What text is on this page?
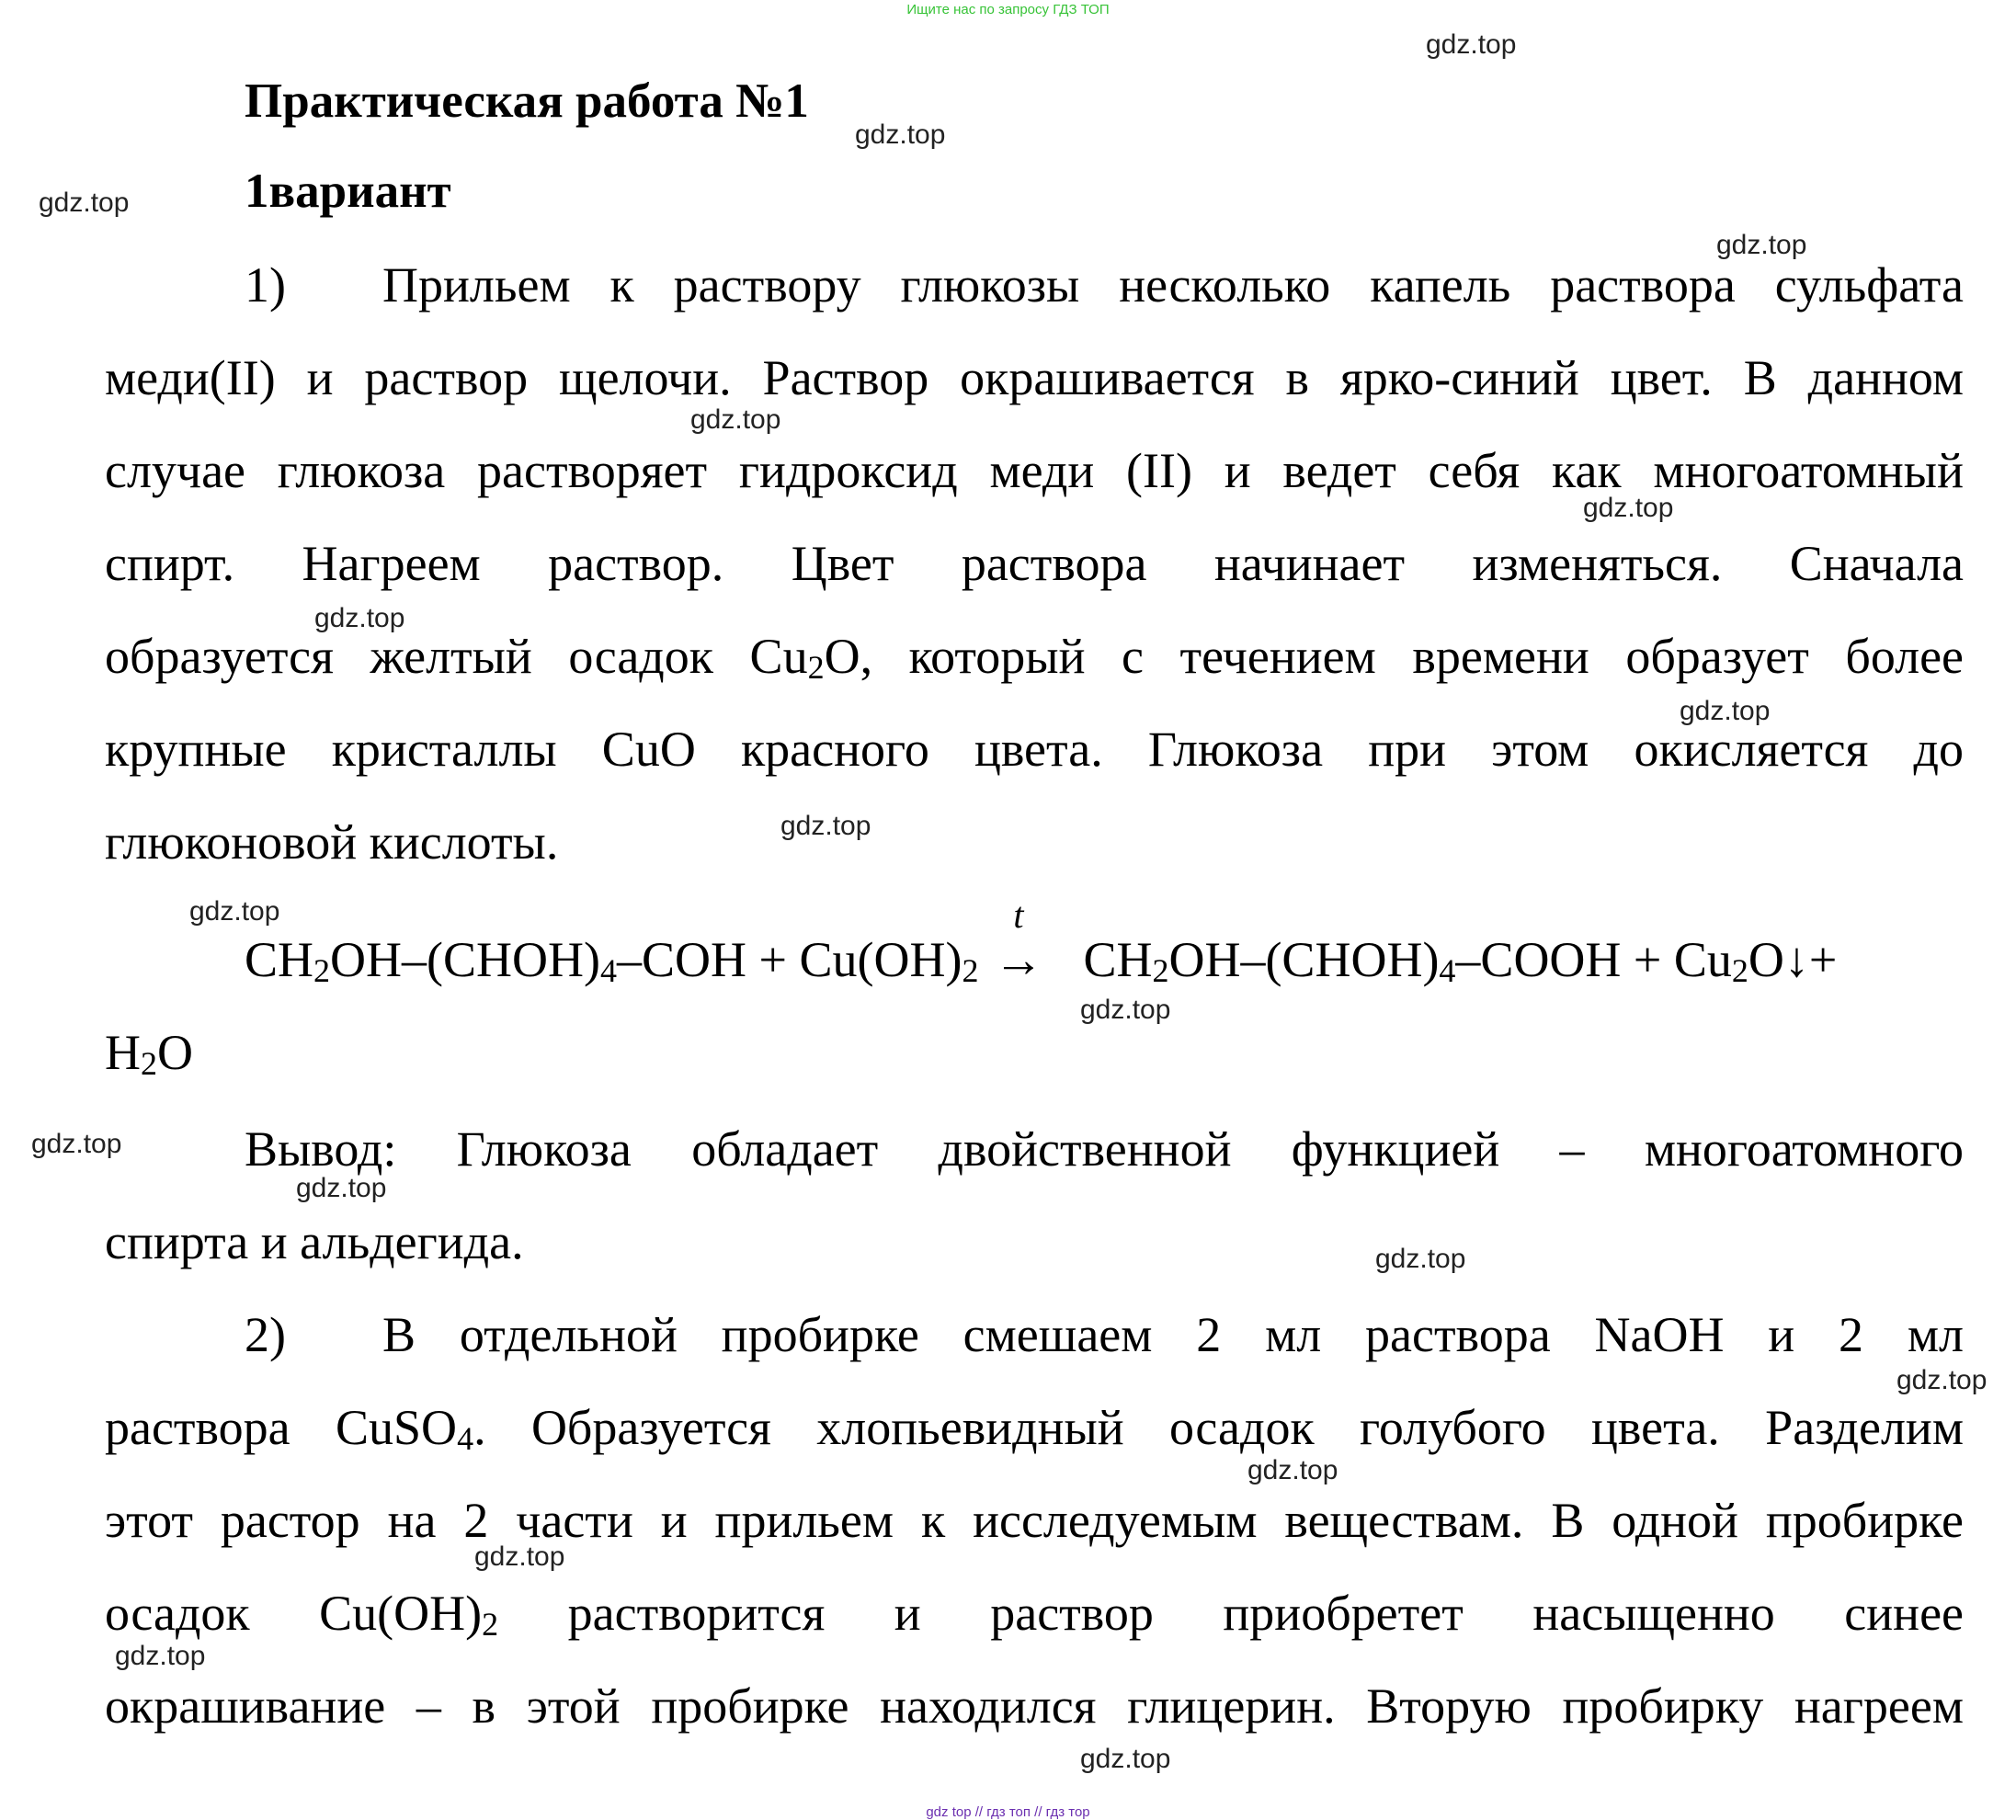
Ищите нас по запросу ГДЗ ТОП
Практическая работа №1
1вариант
1) Прильем к раствору глюкозы несколько капель раствора сульфата
меди(II) и раствор щелочи. Раствор окрашивается в ярко-синий цвет. В данном
случае глюкоза растворяет гидроксид меди (II) и ведет себя как многоатомный
спирт. Нагреем раствор. Цвет раствора начинает изменяться. Сначала
образуется желтый осадок $Cu_2O$, который с течением времени образует более
крупные кристаллы CuO красного цвета. Глюкоза при этом окисляется до
глюконовой кислоты.
$CH_2OH-(CHOH)_4$–COH + $Cu(OH)_2$
t
→ $CH_2OH-(CHOH)_4$–COOH + $Cu_2O↓+$
$H_2O$
Вывод: Глюкоза обладает двойственной функцией – многоатомного
спирта и альдегида.
2) В отдельной пробирке смешаем 2 мл раствора NaOH и 2 мл
раствора CuSO$_4$. Образуется хлопьевидный осадок голубого цвета. Разделим
этот растор на 2 части и прильем к исследуемым веществам. В одной пробирке
осадок $Cu(OH)_2$ растворится и раствор приобретет насыщенно синее
окрашивание – в этой пробирке находился глицерин. Вторую пробирку нагреем
gdz.top
gdz.top
gdz.top
gdz.top
gdz.top
gdz.top
gdz.top
gdz.top
gdz.top
gdz.top
gdz.top
gdz.top
gdz.top
gdz.top
gdz.top
gdz.top
gdz.top
gdz.top
gdz.top
gdz top // гдз топ // гдз тор
